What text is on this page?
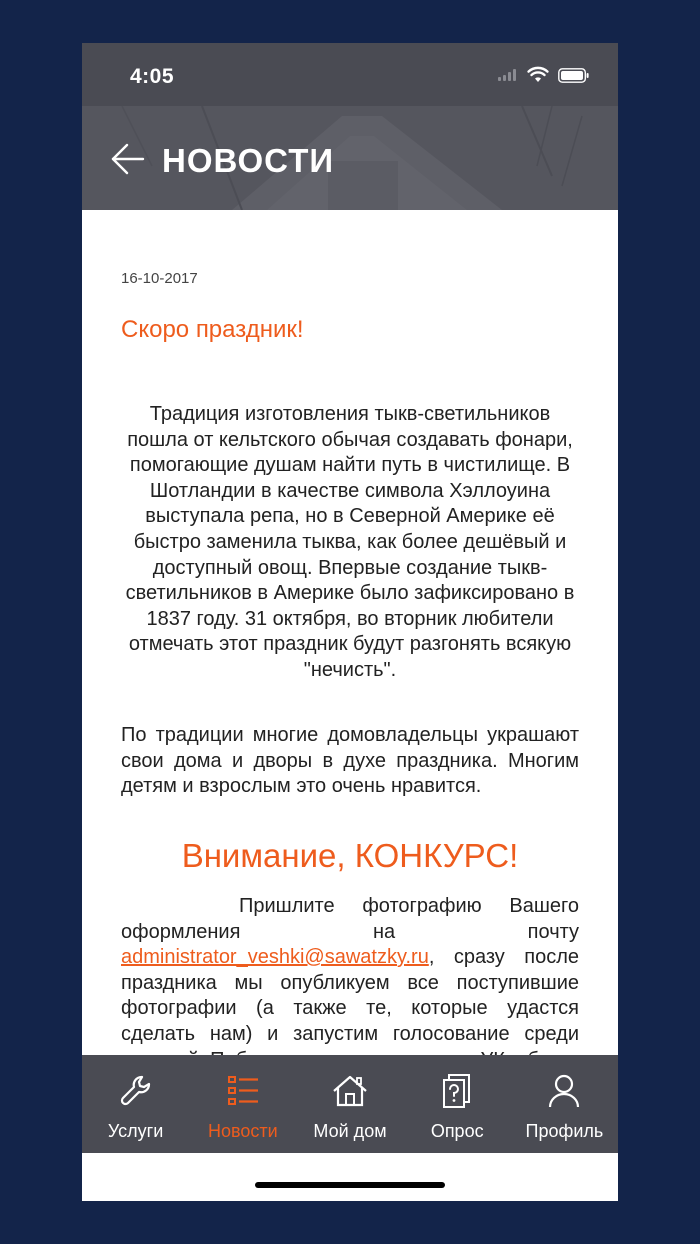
4:05
НОВОСТИ
16-10-2017
Скоро праздник!

Традиция изготовления тыкв-светильников пошла от кельтского обычая создавать фонари, помогающие душам найти путь в чистилище. В Шотландии в качестве символа Хэллоуина выступала репа, но в Северной Америке её быстро заменила тыква, как более дешёвый и доступный овощ. Впервые создание тыкв-светильников в Америке было зафиксировано в 1837 году. 31 октября, во вторник любители отмечать этот праздник будут разгонять всякую "нечисть".

По традиции многие домовладельцы украшают свои дома и дворы в духе праздника. Многим детям и взрослым это очень нравится.

Внимание, КОНКУРС!

Пришлите фотографию Вашего оформления на почту administrator_veshki@sawatzky.ru, сразу после праздника мы опубликуем все поступившие фотографии (а также те, которые удастся сделать нам) и запустим голосование среди

Услуги Новости Мой дом Опрос Профиль
